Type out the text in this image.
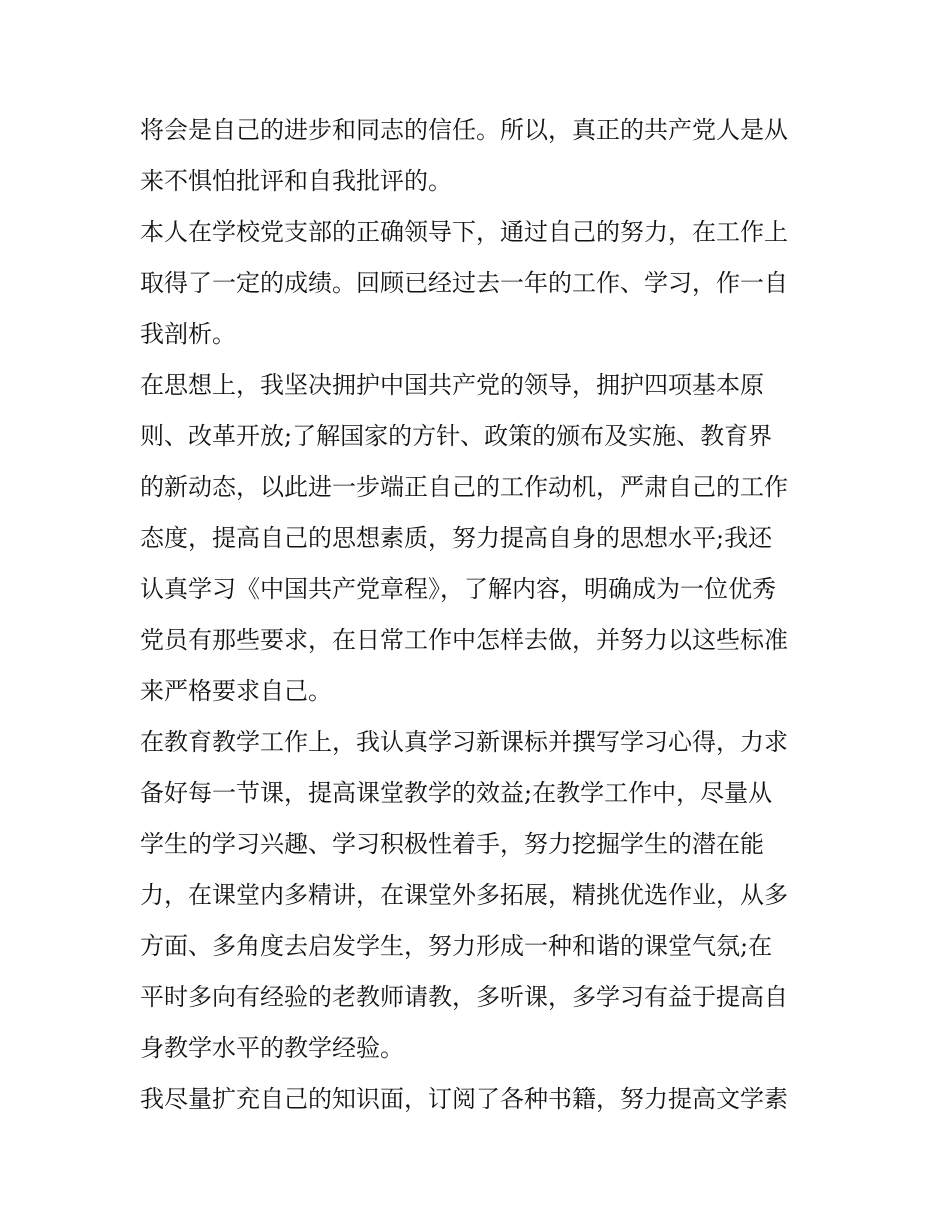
将会是自己的进步和同志的信任。所以，真正的共产党人是从
来不惧怕批评和自我批评的。
本人在学校党支部的正确领导下，通过自己的努力，在工作上
取得了一定的成绩。回顾已经过去一年的工作、学习，作一自
我剖析。
在思想上，我坚决拥护中国共产党的领导，拥护四项基本原
则、改革开放;了解国家的方针、政策的颁布及实施、教育界
的新动态，以此进一步端正自己的工作动机，严肃自己的工作
态度，提高自己的思想素质，努力提高自身的思想水平;我还
认真学习《中国共产党章程》，了解内容，明确成为一位优秀
党员有那些要求，在日常工作中怎样去做，并努力以这些标准
来严格要求自己。
在教育教学工作上，我认真学习新课标并撰写学习心得，力求
备好每一节课，提高课堂教学的效益;在教学工作中，尽量从
学生的学习兴趣、学习积极性着手，努力挖掘学生的潜在能
力，在课堂内多精讲，在课堂外多拓展，精挑优选作业，从多
方面、多角度去启发学生，努力形成一种和谐的课堂气氛;在
平时多向有经验的老教师请教，多听课，多学习有益于提高自
身教学水平的教学经验。
我尽量扩充自己的知识面，订阅了各种书籍，努力提高文学素
